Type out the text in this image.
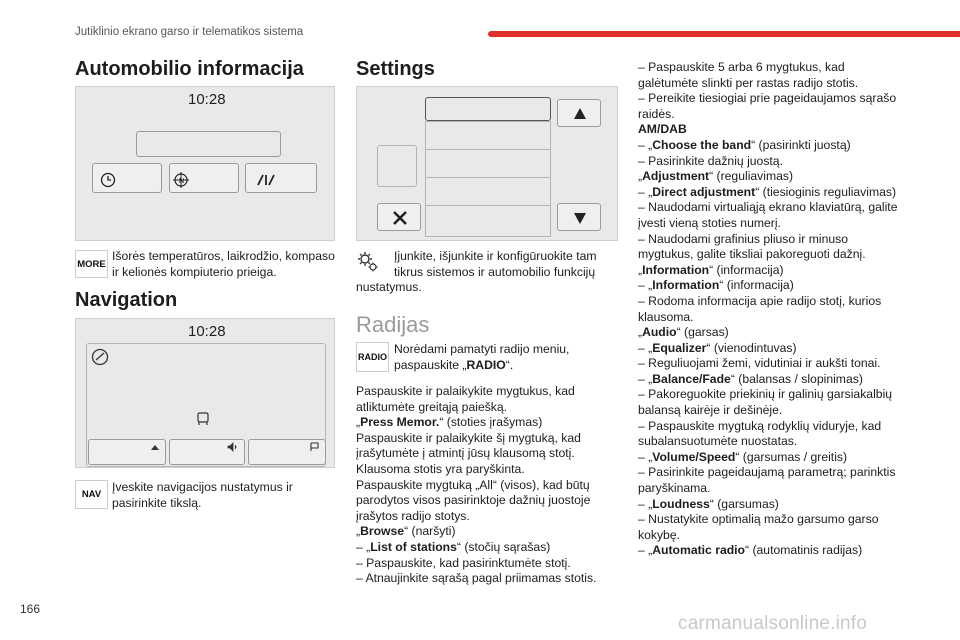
Jutiklinio ekrano garso ir telematikos sistema
Automobilio informacija
10:28
N
MORE
Išorės temperatūros, laikrodžio, kompaso
ir kelionės kompiuterio prieiga.
Navigation
10:28
NAV
Įveskite navigacijos nustatymus ir
pasirinkite tikslą.
Settings
Įjunkite, išjunkite ir konfigūruokite tam
tikrus sistemos ir automobilio funkcijų
nustatymus.
Radijas
RADIO
Norėdami pamatyti radijo meniu,
paspauskite „RADIO“.
Paspauskite ir palaikykite mygtukus, kad
atliktumėte greitąją paiešką.
„Press Memor.“ (stoties įrašymas)
Paspauskite ir palaikykite šį mygtuką, kad
įrašytumėte į atmintį jūsų klausomą stotį.
Klausoma stotis yra paryškinta.
Paspauskite mygtuką „All“ (visos), kad būtų
parodytos visos pasirinktoje dažnių juostoje
įrašytos radijo stotys.
„Browse“ (naršyti)
– „List of stations“ (stočių sąrašas)
– Paspauskite, kad pasirinktumėte stotį.
– Atnaujinkite sąrašą pagal priimamas stotis.
– Paspauskite 5 arba 6 mygtukus, kad
galėtumėte slinkti per rastas radijo stotis.
– Pereikite tiesiogiai prie pageidaujamos sąrašo
raidės.
AM/DAB
– „Choose the band“ (pasirinkti juostą)
– Pasirinkite dažnių juostą.
„Adjustment“ (reguliavimas)
– „Direct adjustment“ (tiesioginis reguliavimas)
– Naudodami virtualiąją ekrano klaviatūrą, galite
įvesti vieną stoties numerį.
– Naudodami grafinius pliuso ir minuso
mygtukus, galite tiksliai pakoreguoti dažnį.
„Information“ (informacija)
– „Information“ (informacija)
– Rodoma informacija apie radijo stotį, kurios
klausoma.
„Audio“ (garsas)
– „Equalizer“ (vienodintuvas)
– Reguliuojami žemi, vidutiniai ir aukšti tonai.
– „Balance/Fade“ (balansas / slopinimas)
– Pakoreguokite priekinių ir galinių garsiakalbių
balansą kairėje ir dešinėje.
– Paspauskite mygtuką rodyklių viduryje, kad
subalansuotumėte nuostatas.
– „Volume/Speed“ (garsumas / greitis)
– Pasirinkite pageidaujamą parametrą; parinktis
paryškinama.
– „Loudness“ (garsumas)
– Nustatykite optimalią mažo garsumo garso
kokybę.
– „Automatic radio“ (automatinis radijas)
166
carmanualsonline.info
